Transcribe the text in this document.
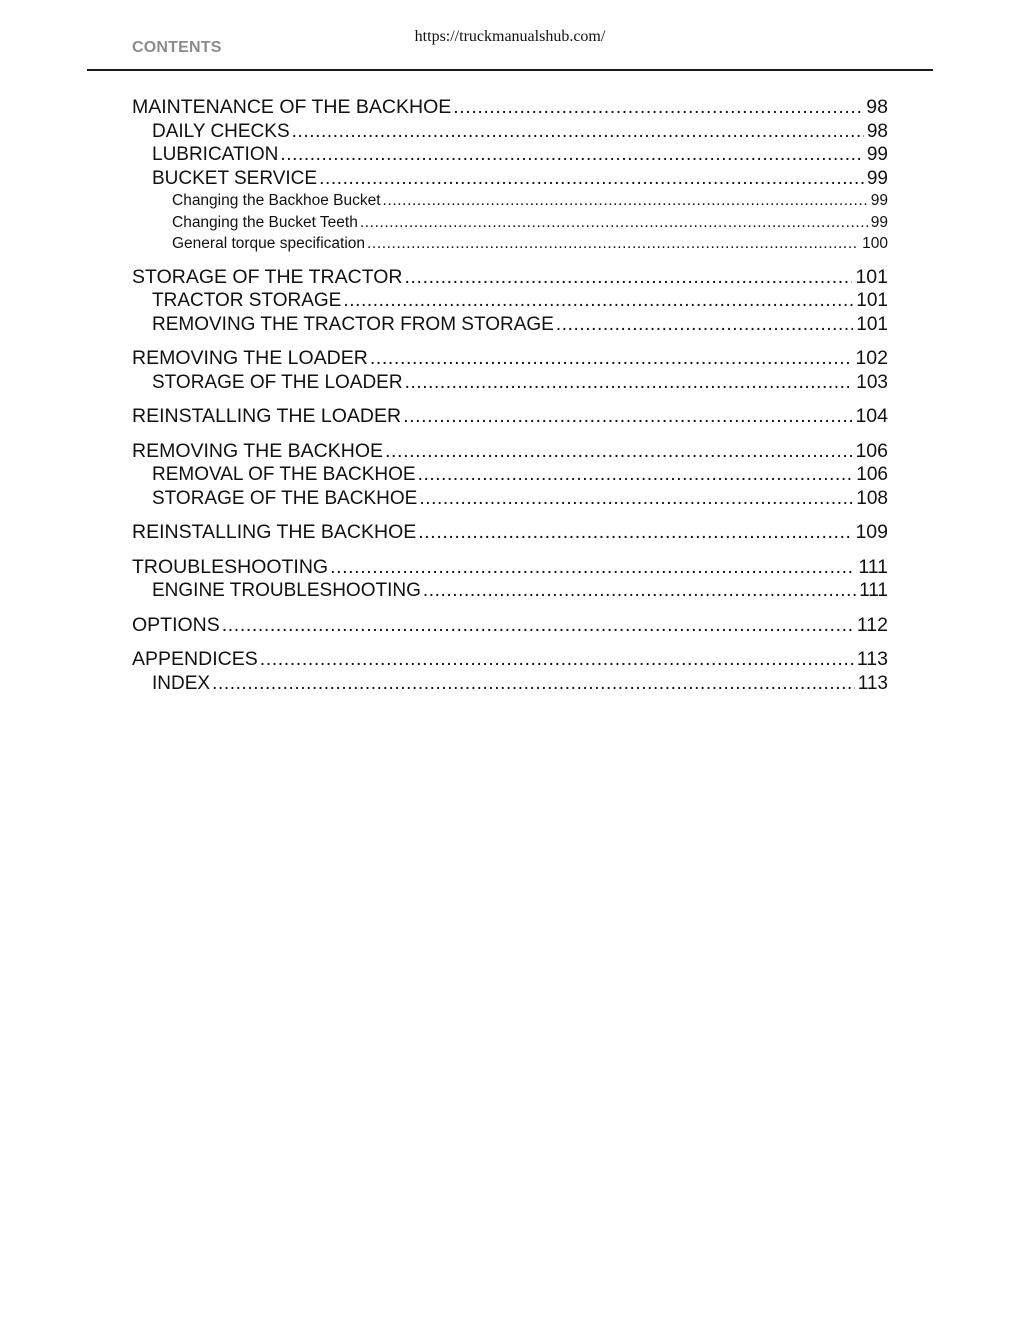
https://truckmanualshub.com/
CONTENTS
MAINTENANCE OF THE BACKHOE .....	98
DAILY CHECKS .....	98
LUBRICATION .....	99
BUCKET SERVICE .....	99
Changing the Backhoe Bucket .....	99
Changing the Bucket Teeth .....	99
General torque specification .....	100
STORAGE OF THE TRACTOR .....	101
TRACTOR STORAGE .....	101
REMOVING THE TRACTOR FROM STORAGE .....	101
REMOVING THE LOADER .....	102
STORAGE OF THE LOADER .....	103
REINSTALLING THE LOADER .....	104
REMOVING THE BACKHOE .....	106
REMOVAL OF THE BACKHOE .....	106
STORAGE OF THE BACKHOE .....	108
REINSTALLING THE BACKHOE .....	109
TROUBLESHOOTING .....	111
ENGINE TROUBLESHOOTING .....	111
OPTIONS .....	112
APPENDICES .....	113
INDEX .....	113
